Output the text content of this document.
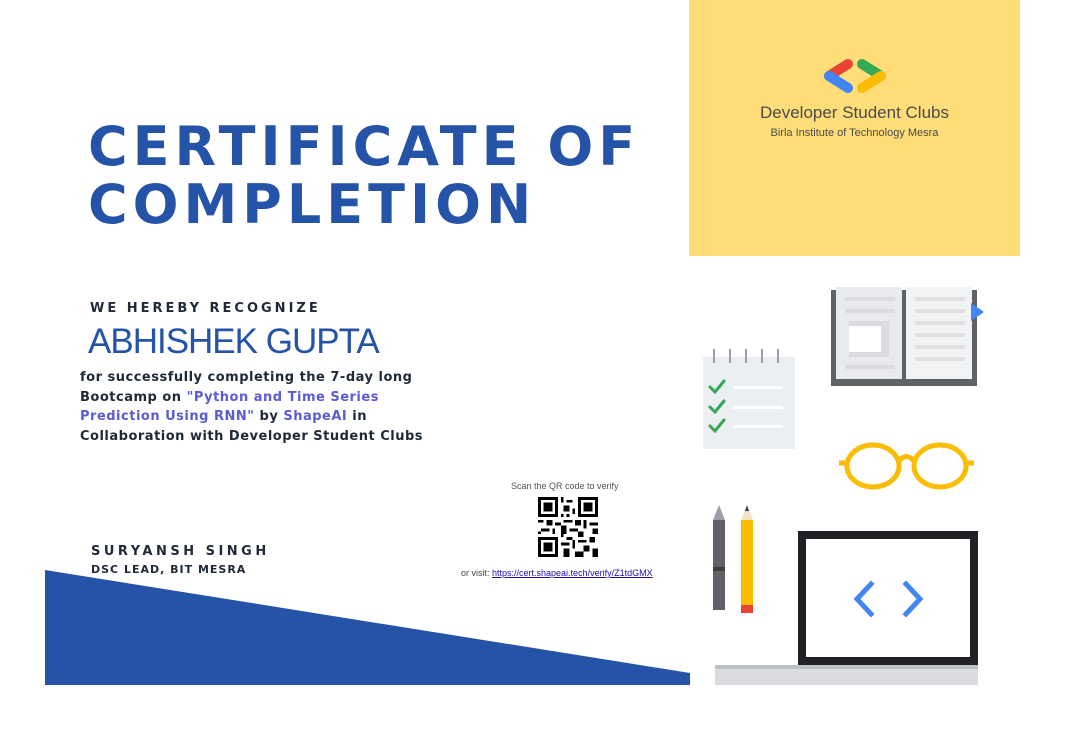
CERTIFICATE OF
COMPLETION
WE HEREBY RECOGNIZE
ABHISHEK GUPTA
for successfully completing the 7-day long Bootcamp on "Python and Time Series Prediction Using RNN" by ShapeAI in Collaboration with Developer Student Clubs
SURYANSH SINGH
DSC LEAD, BIT MESRA
Scan the QR code to verify
or visit: https://cert.shapeai.tech/verify/Z1tdGMX
Developer Student Clubs
Birla Institute of Technology Mesra
